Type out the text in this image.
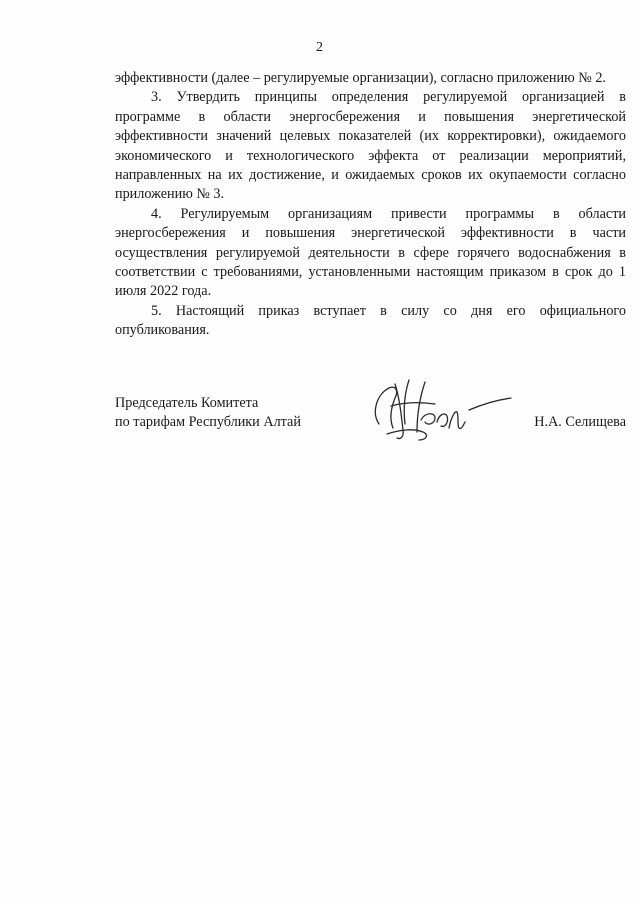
2

эффективности (далее – регулируемые организации), согласно приложению № 2.

3. Утвердить принципы определения регулируемой организацией в программе в области энергосбережения и повышения энергетической эффективности значений целевых показателей (их корректировки), ожидаемого экономического и технологического эффекта от реализации мероприятий, направленных на их достижение, и ожидаемых сроков их окупаемости согласно приложению № 3.

4. Регулируемым организациям привести программы в области энергосбережения и повышения энергетической эффективности в части осуществления регулируемой деятельности в сфере горячего водоснабжения в соответствии с требованиями, установленными настоящим приказом в срок до 1 июля 2022 года.

5. Настоящий приказ вступает в силу со дня его официального опубликования.

Председатель Комитета
по тарифам Республики Алтай	Н.А. Селищева
